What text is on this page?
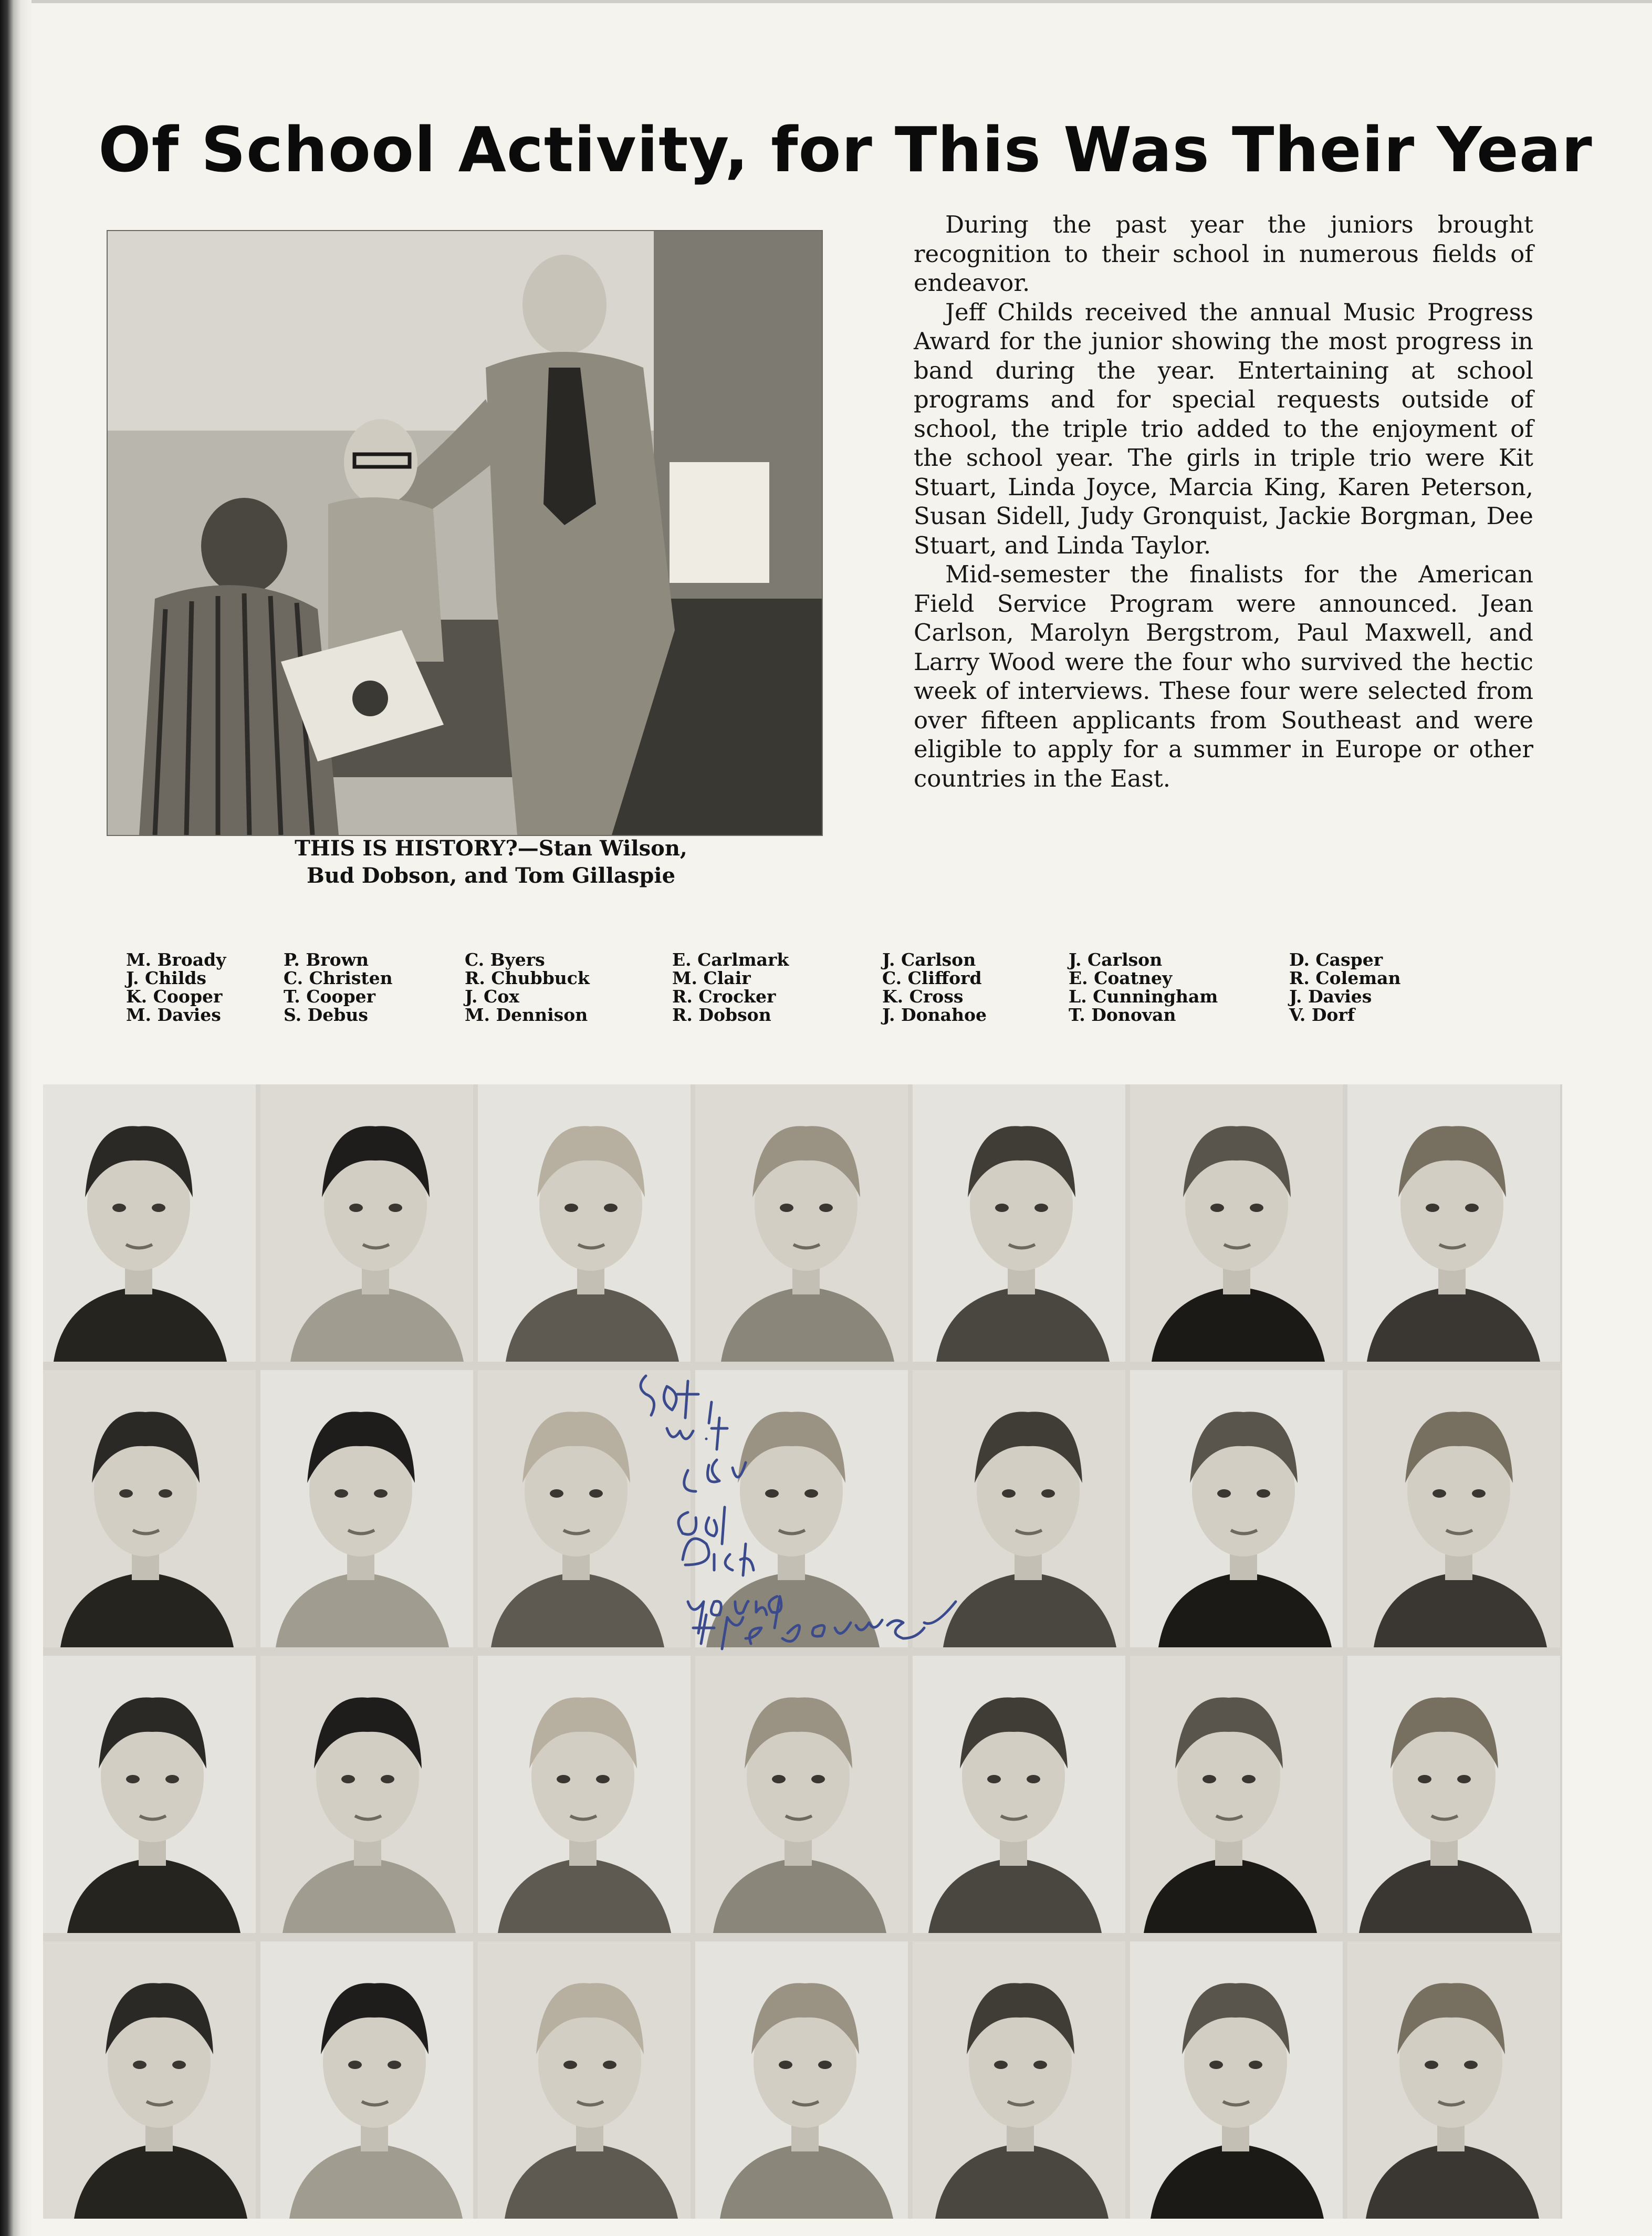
Of School Activity, for This Was Their Year
THIS IS HISTORY?—Stan Wilson,
Bud Dobson, and Tom Gillaspie

During the past year the juniors brought recognition to their school in numerous fields of endeavor.

Jeff Childs received the annual Music Progress Award for the junior showing the most progress in band during the year. Entertaining at school programs and for special requests outside of school, the triple trio added to the enjoyment of the school year. The girls in triple trio were Kit Stuart, Linda Joyce, Marcia King, Karen Peterson, Susan Sidell, Judy Gronquist, Jackie Borgman, Dee Stuart, and Linda Taylor.

Mid-semester the finalists for the American Field Service Program were announced. Jean Carlson, Marolyn Bergstrom, Paul Maxwell, and Larry Wood were the four who survived the hectic week of interviews. These four were selected from over fifteen applicants from Southeast and were eligible to apply for a summer in Europe or other countries in the East.

M. Broady
J. Childs
K. Cooper
M. Davies
P. Brown
C. Christen
T. Cooper
S. Debus
C. Byers
R. Chubbuck
J. Cox
M. Dennison
E. Carlmark
M. Clair
R. Crocker
R. Dobson
J. Carlson
C. Clifford
K. Cross
J. Donahoe
J. Carlson
E. Coatney
L. Cunningham
T. Donovan
D. Casper
R. Coleman
J. Davies
V. Dorf
